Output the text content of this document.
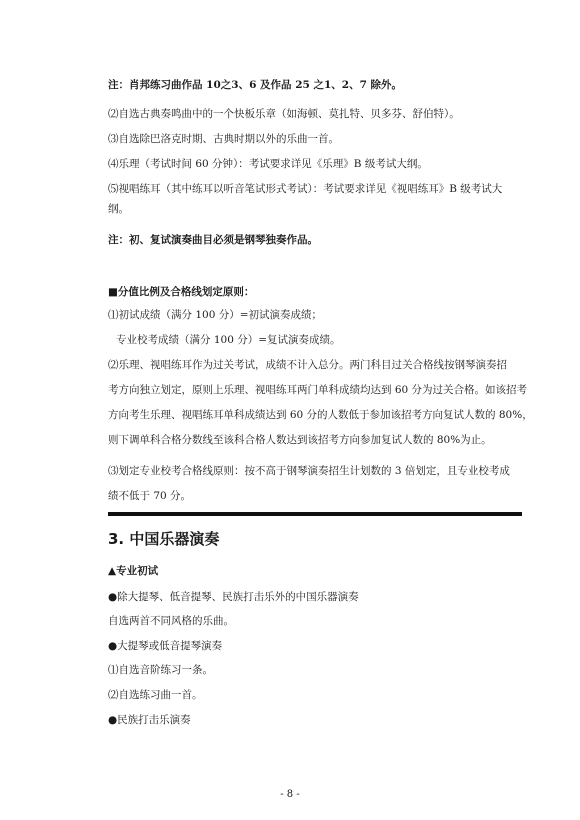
注：肖邦练习曲作品 10之3、6 及作品 25 之1、2、7 除外。
⑵自选古典奏鸣曲中的一个快板乐章（如海顿、莫扎特、贝多芬、舒伯特）。
⑶自选除巴洛克时期、古典时期以外的乐曲一首。
⑷乐理（考试时间 60 分钟）：考试要求详见《乐理》B 级考试大纲。
⑸视唱练耳（其中练耳以听音笔试形式考试）：考试要求详见《视唱练耳》B 级考试大
纲。
注：初、复试演奏曲目必须是钢琴独奏作品。
■分值比例及合格线划定原则：
⑴初试成绩（满分 100 分）=初试演奏成绩；
专业校考成绩（满分 100 分）=复试演奏成绩。
⑵乐理、视唱练耳作为过关考试，成绩不计入总分。两门科目过关合格线按钢琴演奏招
考方向独立划定，原则上乐理、视唱练耳两门单科成绩均达到 60 分为过关合格。如该招考
方向考生乐理、视唱练耳单科成绩达到 60 分的人数低于参加该招考方向复试人数的 80%，
则下调单科合格分数线至该科合格人数达到该招考方向参加复试人数的 80%为止。
⑶划定专业校考合格线原则：按不高于钢琴演奏招生计划数的 3 倍划定，且专业校考成
绩不低于 70 分。
3. 中国乐器演奏
▲专业初试
●除大提琴、低音提琴、民族打击乐外的中国乐器演奏
自选两首不同风格的乐曲。
●大提琴或低音提琴演奏
⑴自选音阶练习一条。
⑵自选练习曲一首。
●民族打击乐演奏
- 8 -
